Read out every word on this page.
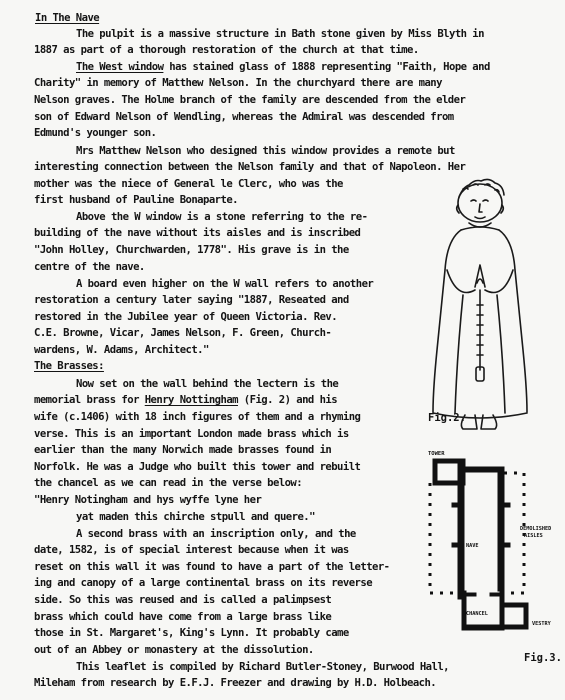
In The Nave
The pulpit is a massive structure in Bath stone given by Miss Blyth in
1887 as part of a thorough restoration of the church at that time.
The West window has stained glass of 1888 representing "Faith, Hope and
Charity" in memory of Matthew Nelson. In the churchyard there are many
Nelson graves. The Holme branch of the family are descended from the elder
son of Edward Nelson of Wendling, whereas the Admiral was descended from
Edmund's younger son.
Mrs Matthew Nelson who designed this window provides a remote but
interesting connection between the Nelson family and that of Napoleon. Her
mother was the niece of General le Clerc, who was the
first husband of Pauline Bonaparte.
Above the W window is a stone referring to the re-
building of the nave without its aisles and is inscribed
"John Holley, Churchwarden, 1778". His grave is in the
centre of the nave.
A board even higher on the W wall refers to another
restoration a century later saying "1887, Reseated and
restored in the Jubilee year of Queen Victoria. Rev.
C.E. Browne, Vicar, James Nelson, F. Green, Church-
wardens, W. Adams, Architect."
The Brasses:
Now set on the wall behind the lectern is the
memorial brass for Henry Nottingham (Fig. 2) and his
wife (c.1406) with 18 inch figures of them and a rhyming
verse. This is an important London made brass which is
earlier than the many Norwich made brasses found in
Norfolk. He was a Judge who built this tower and rebuilt
the chancel as we can read in the verse below:
"Henry Notingham and hys wyffe lyne her
yat maden this chirche stpull and quere."
A second brass with an inscription only, and the
date, 1582, is of special interest because when it was
reset on this wall it was found to have a part of the letter-
ing and canopy of a large continental brass on its reverse
side. So this was reused and is called a palimpsest
brass which could have come from a large brass like
those in St. Margaret's, King's Lynn. It probably came
out of an Abbey or monastery at the dissolution.
This leaflet is compiled by Richard Butler-Stoney, Burwood Hall,
Mileham from research by E.F.J. Freezer and drawing by H.D. Holbeach.
Fig.2.
TOWER
DEMOLISHED
AISLES
NAVE
CHANCEL
VESTRY
Fig.3.
